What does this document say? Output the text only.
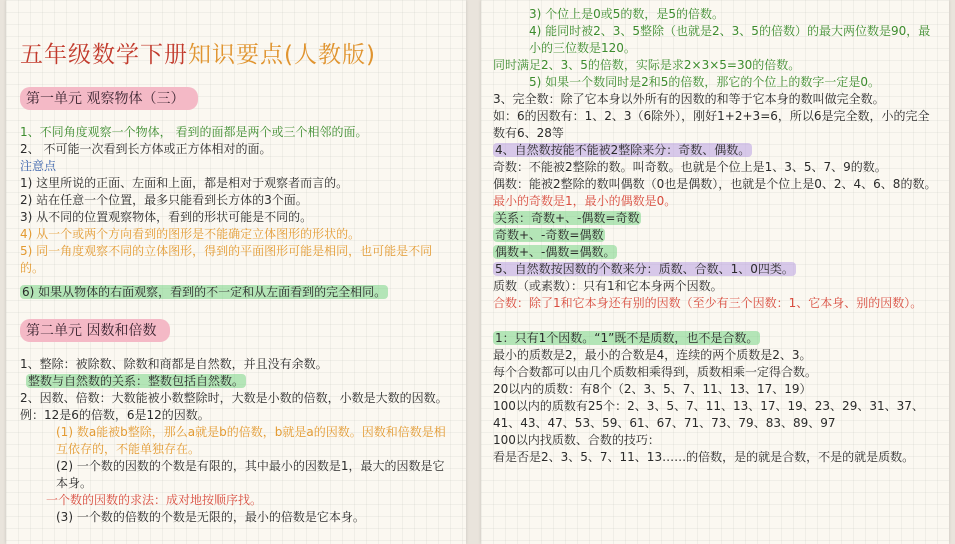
五年级数学下册知识要点(人教版)
第一单元 观察物体（三）
1、不同角度观察一个物体， 看到的面都是两个或三个相邻的面。
2、 不可能一次看到长方体或正方体相对的面。
注意点
1) 这里所说的正面、左面和上面，都是相对于观察者而言的。
2) 站在任意一个位置，最多只能看到长方体的3个面。
3) 从不同的位置观察物体，看到的形状可能是不同的。
4) 从一个或两个方向看到的图形是不能确定立体图形的形状的。
5) 同一角度观察不同的立体图形，得到的平面图形可能是相同，也可能是不同的。
6) 如果从物体的右面观察，看到的不一定和从左面看到的完全相同。
第二单元 因数和倍数
1、整除：被除数、除数和商都是自然数，并且没有余数。
整数与自然数的关系：整数包括自然数。
2、因数、倍数：大数能被小数整除时，大数是小数的倍数，小数是大数的因数。
例：12是6的倍数，6是12的因数。
(1) 数a能被b整除，那么a就是b的倍数，b就是a的因数。因数和倍数是相互依存的，不能单独存在。
(2) 一个数的因数的个数是有限的，其中最小的因数是1，最大的因数是它本身。
一个数的因数的求法：成对地按顺序找。
(3) 一个数的倍数的个数是无限的，最小的倍数是它本身。
3) 个位上是0或5的数，是5的倍数。
4) 能同时被2、3、5整除（也就是2、3、5的倍数）的最大两位数是90，最小的三位数是120。
同时满足2、3、5的倍数，实际是求2×3×5=30的倍数。
5) 如果一个数同时是2和5的倍数，那它的个位上的数字一定是0。
3、完全数：除了它本身以外所有的因数的和等于它本身的数叫做完全数。
如：6的因数有：1、2、3（6除外），刚好1+2+3=6，所以6是完全数，小的完全数有6、28等
4、自然数按能不能被2整除来分：奇数、偶数。
奇数：不能被2整除的数。叫奇数。也就是个位上是1、3、5、7、9的数。
偶数：能被2整除的数叫偶数（0也是偶数），也就是个位上是0、2、4、6、8的数。
最小的奇数是1，最小的偶数是0。
关系：奇数+、-偶数=奇数
奇数+、-奇数=偶数
偶数+、-偶数=偶数。
5、自然数按因数的个数来分：质数、合数、1、0四类。
质数（或素数）：只有1和它本身两个因数。
合数：除了1和它本身还有别的因数（至少有三个因数：1、它本身、别的因数）。
1：只有1个因数。“1”既不是质数，也不是合数。
最小的质数是2，最小的合数是4，连续的两个质数是2、3。
每个合数都可以由几个质数相乘得到，质数相乘一定得合数。
20以内的质数：有8个（2、3、5、7、11、13、17、19）
100以内的质数有25个：2、3、5、7、11、13、17、19、23、29、31、37、41、43、47、53、59、61、67、71、73、79、83、89、97
100以内找质数、合数的技巧：
看是否是2、3、5、7、11、13……的倍数，是的就是合数，不是的就是质数。
